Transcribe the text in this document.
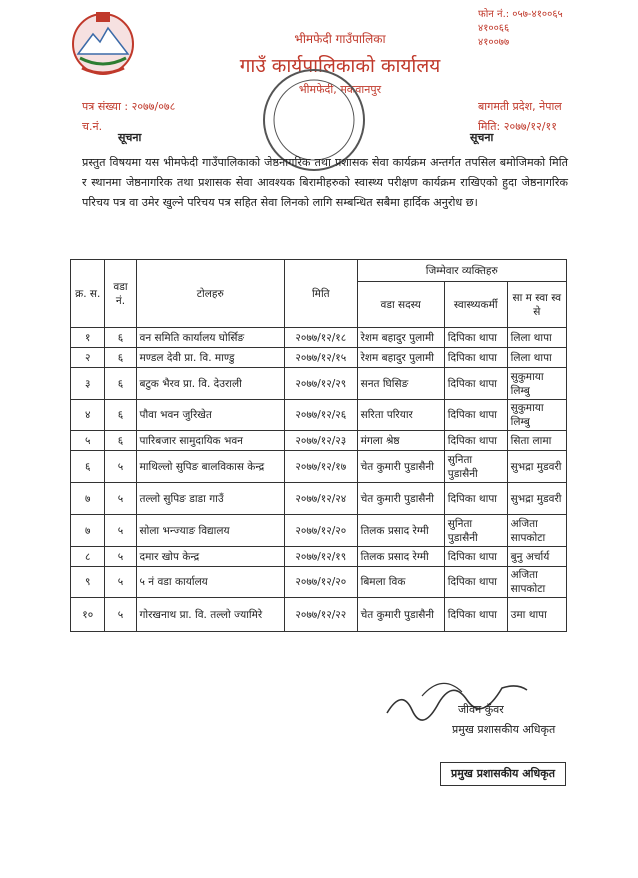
भीमफेदी गाउँपालिका
गाउँ कार्यपालिकाको कार्यालय
भीमफेदी, मकवानपुर
फोन नं.: ०५७-४१००६५
४१००६६
४१००७७
पत्र संख्या : २०७७/०७८
च.नं.
बागमती प्रदेश, नेपाल
मिति: २०७७/१२/११
सूचना	सूचना
प्रस्तुत विषयमा यस भीमफेदी गाउँपालिकाको जेष्ठनागरिक तथा प्रशासक सेवा कार्यक्रम अन्तर्गत तपसिल बमोजिमको मिति र स्थानमा जेष्ठनागरिक तथा प्रशासक सेवा आवश्यक बिरामीहरुको स्वास्थ्य परीक्षण कार्यक्रम राखिएको हुदा जेष्ठनागरिक परिचय पत्र वा उमेर खुल्ने परिचय पत्र सहित सेवा लिनको लागि सम्बन्धित सबैमा हार्दिक अनुरोध छ।
क्र. स.	वडा नं.	टोलहरु	मिति	जिम्मेवार व्यक्तिहरु		
				वडा सदस्य	स्वास्थ्यकर्मी	सा म स्वा स्व से
१	६	वन समिति कार्यालय घोर्सिङ	२०७७/१२/१८	रेशम बहादुर पुलामी	दिपिका थापा	लिला थापा
२	६	मण्डल देवी प्रा. वि. माण्डु	२०७७/१२/१५	रेशम बहादुर पुलामी	दिपिका थापा	लिला थापा
३	६	बटुक भैरव प्रा. वि. देउराली	२०७७/१२/२९	सनत घिसिङ	दिपिका थापा	सुकुमाया लिम्बु
४	६	पौवा भवन जुरिखेत	२०७७/१२/२६	सरिता परियार	दिपिका थापा	सुकुमाया लिम्बु
५	६	पारिबजार सामुदायिक भवन	२०७७/१२/२३	मंगला श्रेष्ठ	दिपिका थापा	सिता लामा
६	५	माथिल्लो सुपिङ बालविकास केन्द्र	२०७७/१२/१७	चेत कुमारी पुडासैनी	सुनिता पुडासैनी	सुभद्रा मुडवरी
७	५	तल्लो सुपिङ डाडा गाउँ	२०७७/१२/२४	चेत कुमारी पुडासैनी	दिपिका थापा	सुभद्रा मुडवरी
७	५	सोला भन्ज्याङ विद्यालय	२०७७/१२/२०	तिलक प्रसाद रेग्मी	सुनिता पुडासैनी	अजिता सापकोटा
८	५	दमार खोप केन्द्र	२०७७/१२/१९	तिलक प्रसाद रेग्मी	दिपिका थापा	बुनु अर्चार्य
९	५	५ नं वडा कार्यालय	२०७७/१२/२०	बिमला विक	दिपिका थापा	अजिता सापकोटा
१०	५	गोरखनाथ प्रा. वि. तल्लो ज्यामिरे	२०७७/१२/२२	चेत कुमारी पुडासैनी	दिपिका थापा	उमा थापा
जीवन कुँवर
प्रमुख प्रशासकीय अधिकृत
प्रमुख प्रशासकीय अधिकृत
